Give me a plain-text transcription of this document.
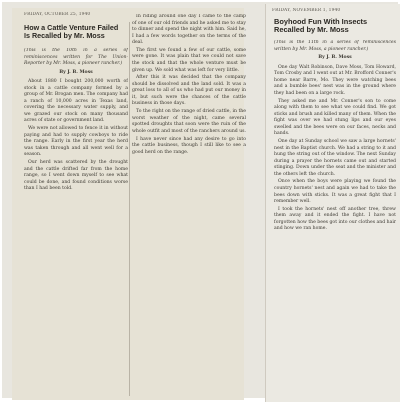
FRIDAY, OCTOBER 25, 1940
How a Cattle Venture Failed Is Recalled by Mr. Moss

(This is the 10th in a series of reminiscences written for The Union-Reporter by Mr. Moss, a pioneer rancher.)

By J. B. Moss

About 1880 I bought 200,000 worth of stock in a cattle company formed by a group of Mr. Brogan men. The company had a ranch of 10,000 acres in Texas land, covering the necessary water supply, and we grazed our stock on many thousand acres of state or government land.

We were not allowed to fence it in without paying and had to supply cowboys to ride the range. Early in the first year the herd was taken through and all went well for a season.

Our herd was scattered by the drought and the cattle drifted far from the home range, so I went down myself to see what could be done, and found conditions worse than I had been told.

In riding around one day I came to the camp of one of our old friends and he asked me to stay to dinner and spend the night with him. Said he, I had a few words together on the terms of the deal.

The first we found a few of our cattle, some were gone. It was plain that we could not save the stock and that the whole venture must be given up. We sold what was left for very little.

After this it was decided that the company should be dissolved and the land sold. It was a great loss to all of us who had put our money in it, but such were the chances of the cattle business in those days.

To the right on the range of dried cattle, in the worst weather of the night, came several spotted droughts that soon were the ruin of the whole outfit and most of the ranchers around us.

I have never since had any desire to go into the cattle business, though I still like to see a good herd on the range.

FRIDAY, NOVEMBER 1, 1940
Boyhood Fun With Insects Recalled by Mr. Moss

(This is the 11th in a series of reminiscences written by Mr. Moss, a pioneer rancher.)

By J. B. Moss

One day Walt Robinson, Dave Moss, Tom Howard, Tom Crosby and I went out at Mr. Brofford Conner's home near Barre, Mo. They were watching bees and a bumble bees' nest was in the ground where they had been on a large rock.

They asked me and Mr. Conner's son to come along with them to see what we could find. We got sticks and brush and killed many of them. When the fight was over we had stung lips and our eyes swelled and the bees were on our faces, necks and hands.

One day at Sunday school we saw a large hornets' nest in the Baptist church. We had a string to it and hung the string out of the window. The next Sunday during a prayer the hornets came out and started stinging. Down under the seat and the minister and the others left the church.

Once when the boys were playing we found the country hornets' nest and again we had to take the bees down with sticks. It was a great fight that I remember well.

I took the hornets' nest off another tree, threw them away and it ended the fight. I have not forgotten how the bees got into our clothes and hair and how we ran home.
